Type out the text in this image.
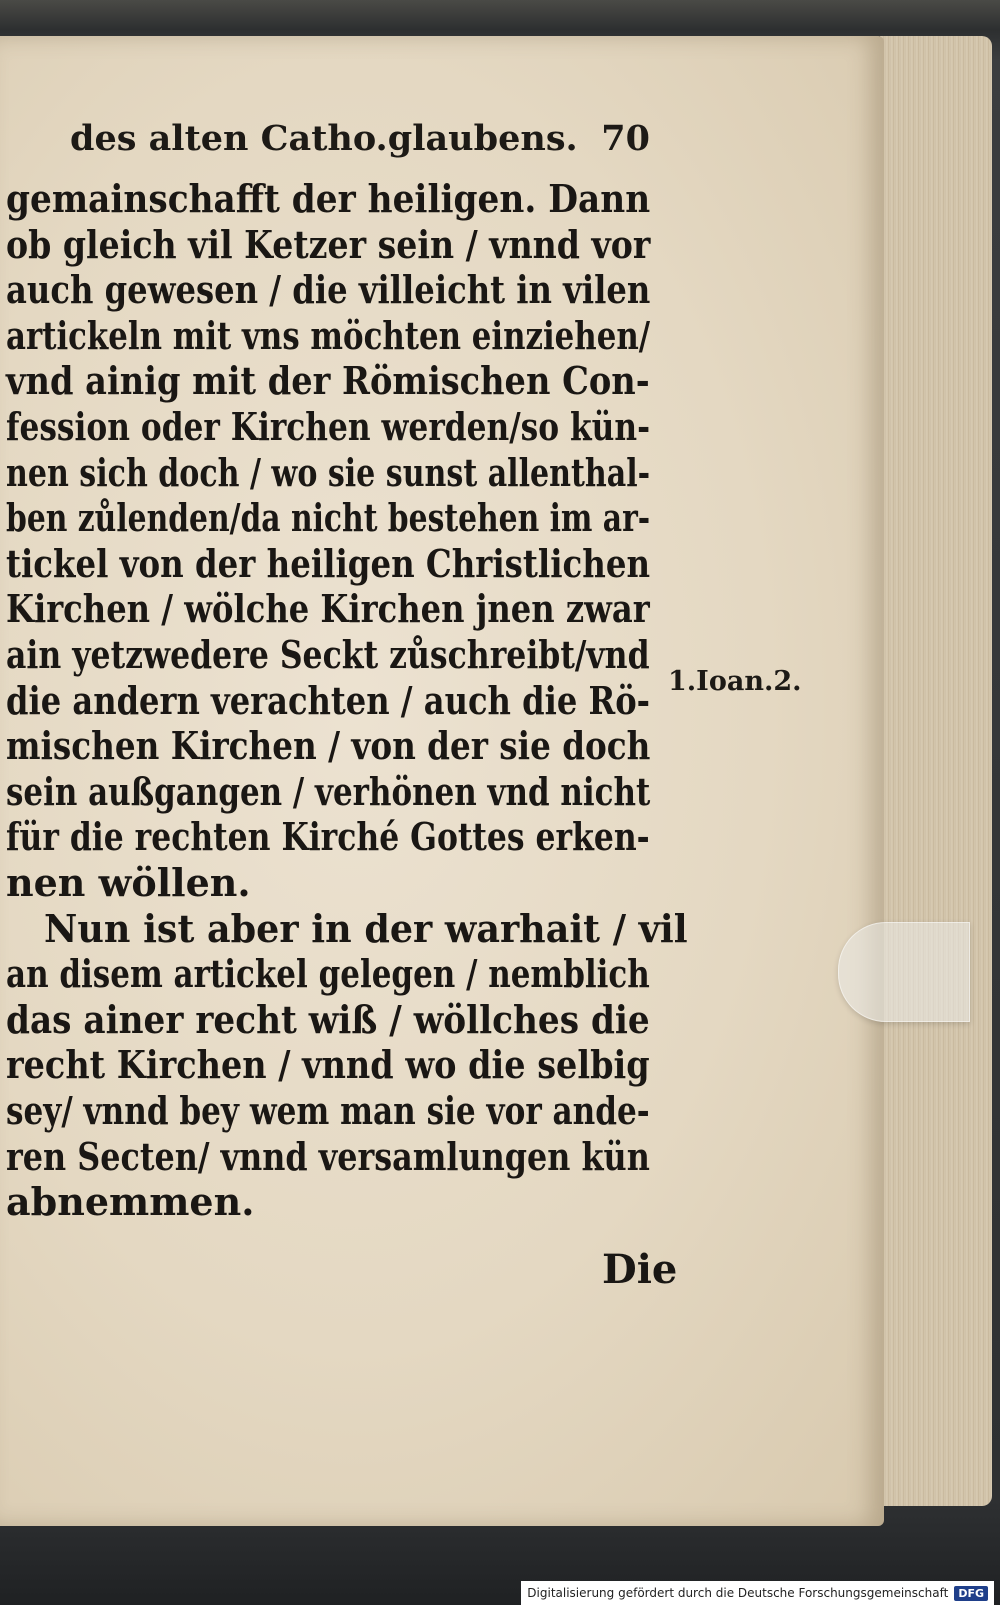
des alten Catho.glaubens. 70
gemainschafft der heiligen. Dann
ob gleich vil Ketzer sein / vnnd vor
auch gewesen / die villeicht in vilen
artickeln mit vns möchten einziehen/
vnd ainig mit der Römischen Con-
fession oder Kirchen werden/so kün-
nen sich doch / wo sie sunst allenthal-
ben zůlenden/da nicht bestehen im ar-
tickel von der heiligen Christlichen
Kirchen / wölche Kirchen jnen zwar
ain yetzwedere Seckt zůschreibt/vnd
die andern verachten / auch die Rö-
mischen Kirchen / von der sie doch
sein außgangen / verhönen vnd nicht
für die rechten Kirché Gottes erken-
nen wöllen.
Nun ist aber in der warhait / vil
an disem artickel gelegen / nemblich
das ainer recht wiß / wöllches die
recht Kirchen / vnnd wo die selbig
sey/ vnnd bey wem man sie vor ande-
ren Secten/ vnnd versamlungen kün
abnemmen.
1.Ioan.2.
Die
Digitalisierung gefördert durch die Deutsche Forschungsgemeinschaft DFG
